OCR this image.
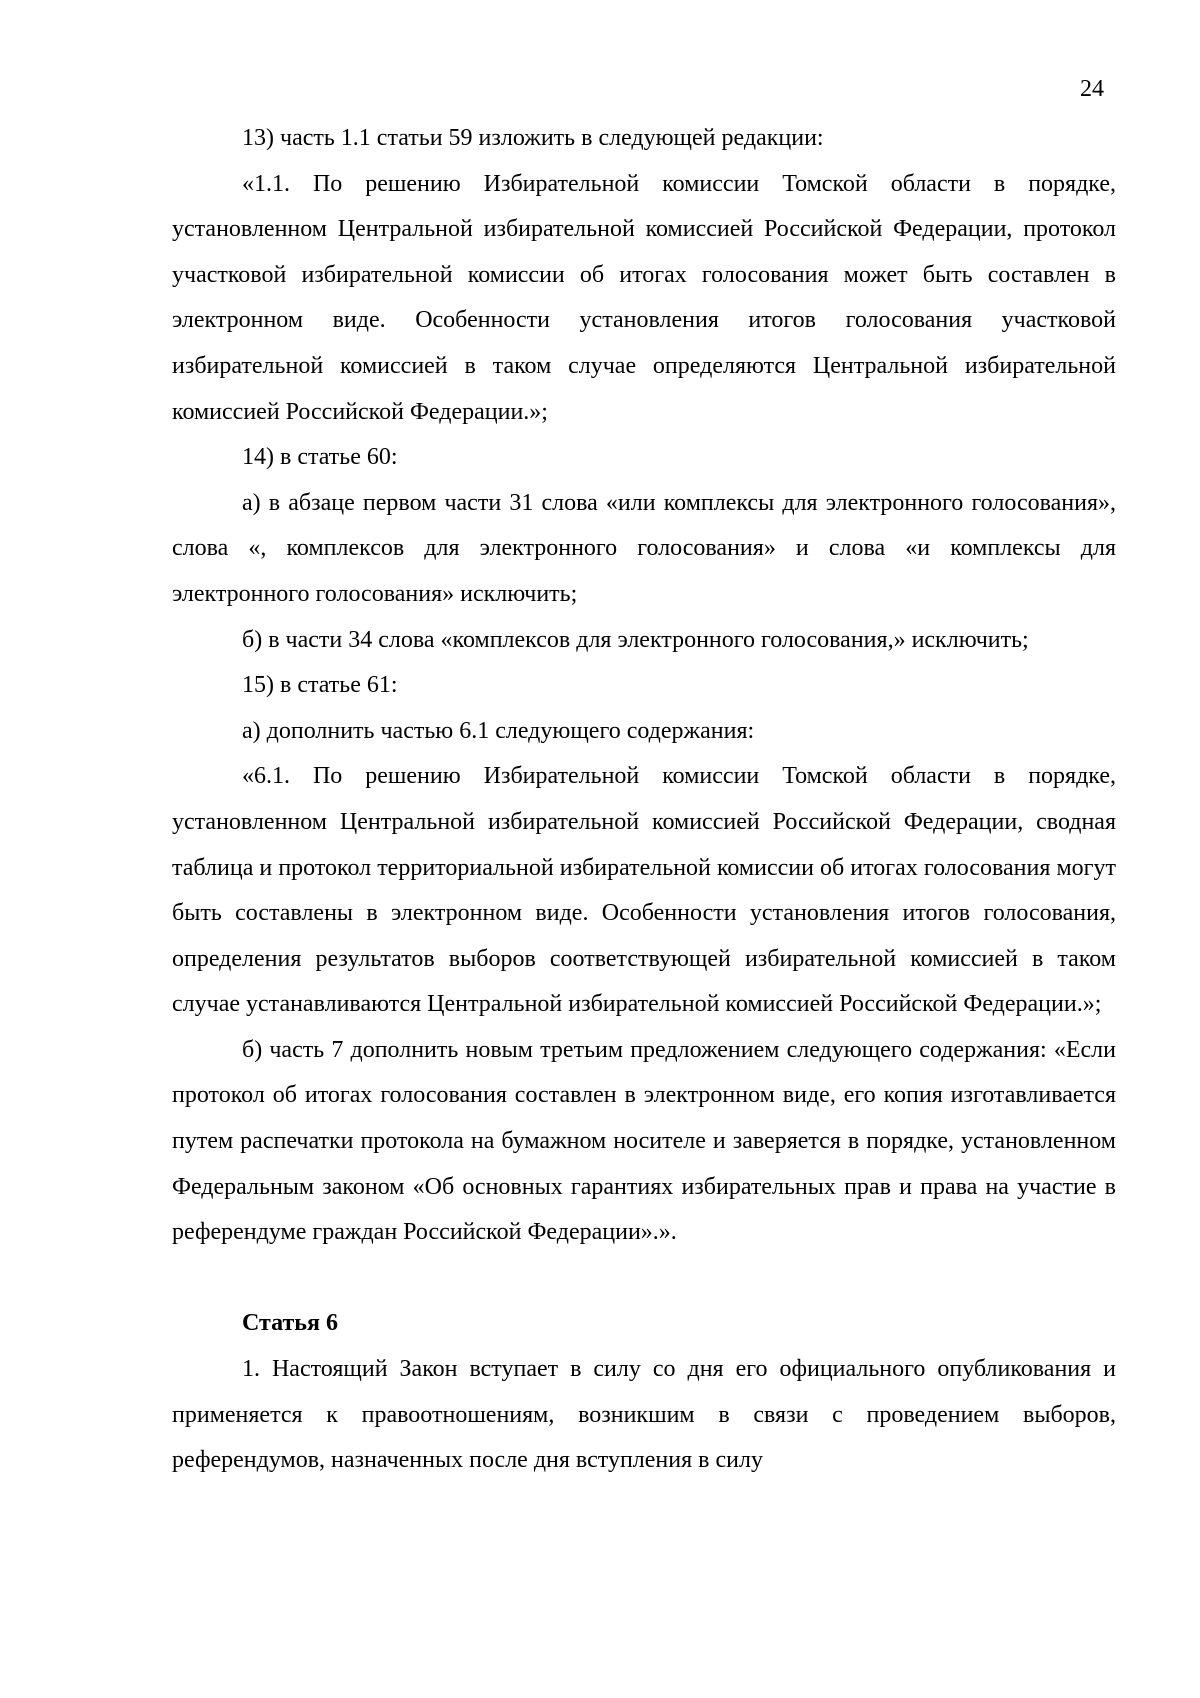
24

13) часть 1.1 статьи 59 изложить в следующей редакции:

«1.1. По решению Избирательной комиссии Томской области в порядке, установленном Центральной избирательной комиссией Российской Федерации, протокол участковой избирательной комиссии об итогах голосования может быть составлен в электронном виде. Особенности установления итогов голосования участковой избирательной комиссией в таком случае определяются Центральной избирательной комиссией Российской Федерации.»;

14) в статье 60:

а) в абзаце первом части 31 слова «или комплексы для электронного голосования», слова «, комплексов для электронного голосования» и слова «и комплексы для электронного голосования» исключить;

б) в части 34 слова «комплексов для электронного голосования,» исключить;

15) в статье 61:

а) дополнить частью 6.1 следующего содержания:

«6.1. По решению Избирательной комиссии Томской области в порядке, установленном Центральной избирательной комиссией Российской Федерации, сводная таблица и протокол территориальной избирательной комиссии об итогах голосования могут быть составлены в электронном виде. Особенности установления итогов голосования, определения результатов выборов соответствующей избирательной комиссией в таком случае устанавливаются Центральной избирательной комиссией Российской Федерации.»;

б) часть 7 дополнить новым третьим предложением следующего содержания: «Если протокол об итогах голосования составлен в электронном виде, его копия изготавливается путем распечатки протокола на бумажном носителе и заверяется в порядке, установленном Федеральным законом «Об основных гарантиях избирательных прав и права на участие в референдуме граждан Российской Федерации».».

Статья 6

1. Настоящий Закон вступает в силу со дня его официального опубликования и применяется к правоотношениям, возникшим в связи с проведением выборов, референдумов, назначенных после дня вступления в силу
